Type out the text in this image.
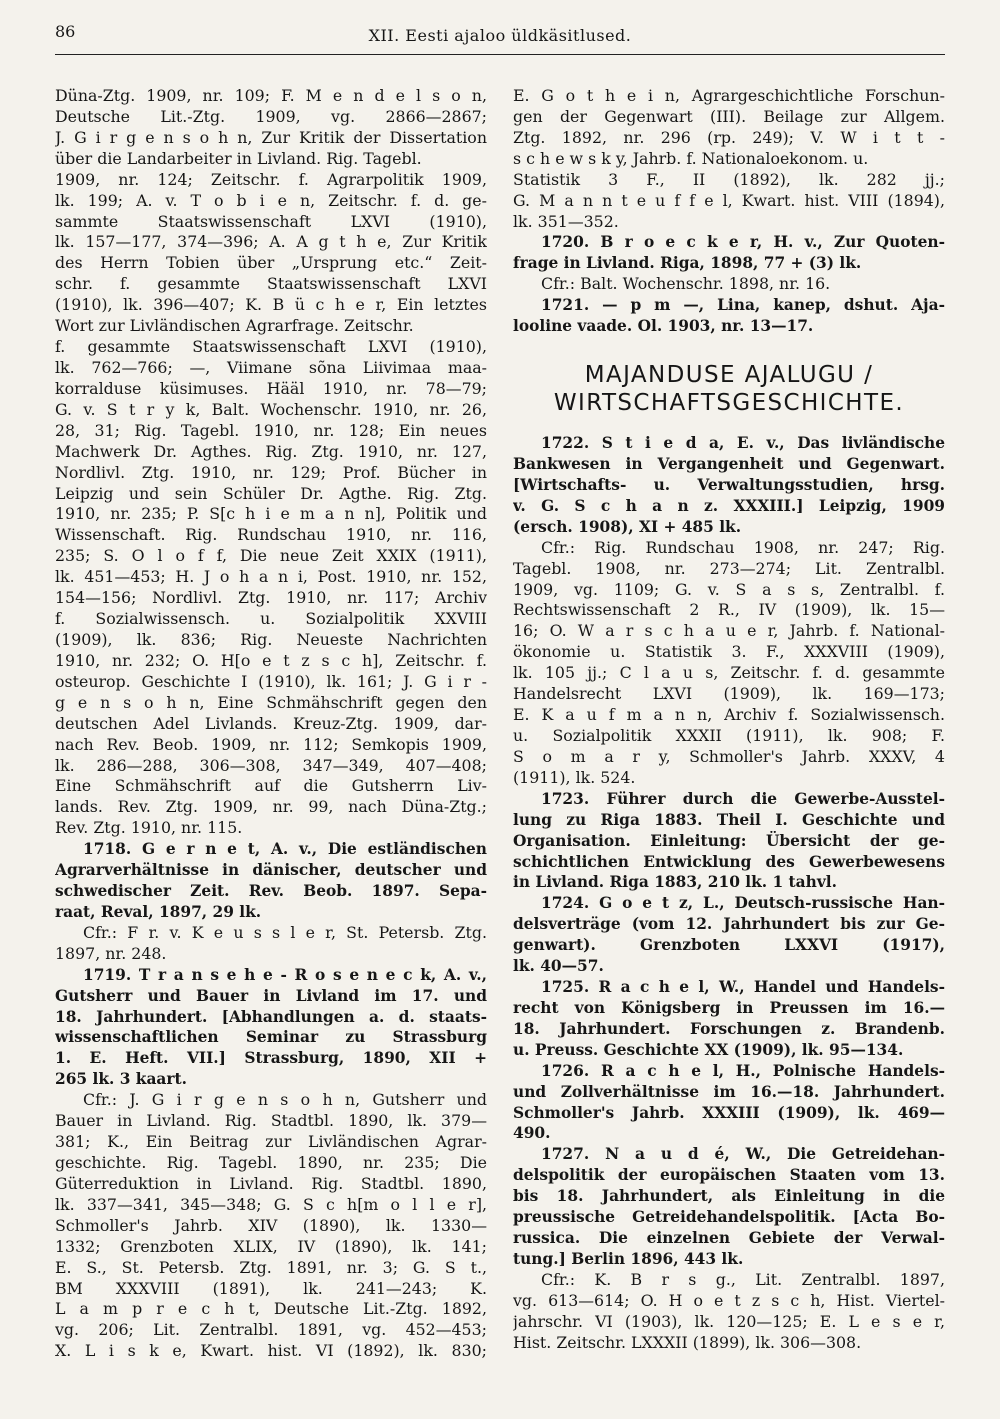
86	XII. Eesti ajaloo üldkäsitlused.
Düna-Ztg. 1909, nr. 109; F. M e n d e l s o n,
Deutsche Lit.-Ztg. 1909, vg. 2866—2867;
J. G i r g e n s o h n, Zur Kritik der Dissertation
über die Landarbeiter in Livland. Rig. Tagebl.
1909, nr. 124; Zeitschr. f. Agrarpolitik 1909,
lk. 199; A. v. T o b i e n, Zeitschr. f. d. ge-
sammte Staatswissenschaft LXVI (1910),
lk. 157—177, 374—396; A. A g t h e, Zur Kritik
des Herrn Tobien über „Ursprung etc.“ Zeit-
schr. f. gesammte Staatswissenschaft LXVI
(1910), lk. 396—407; K. B ü c h e r, Ein letztes
Wort zur Livländischen Agrarfrage. Zeitschr.
f. gesammte Staatswissenschaft LXVI (1910),
lk. 762—766; —, Viimane sõna Liivimaa maa-
korralduse küsimuses. Hääl 1910, nr. 78—79;
G. v. S t r y k, Balt. Wochenschr. 1910, nr. 26,
28, 31; Rig. Tagebl. 1910, nr. 128; Ein neues
Machwerk Dr. Agthes. Rig. Ztg. 1910, nr. 127,
Nordlivl. Ztg. 1910, nr. 129; Prof. Bücher in
Leipzig und sein Schüler Dr. Agthe. Rig. Ztg.
1910, nr. 235; P. S[c h i e m a n n], Politik und
Wissenschaft. Rig. Rundschau 1910, nr. 116,
235; S. O l o f f, Die neue Zeit XXIX (1911),
lk. 451—453; H. J o h a n i, Post. 1910, nr. 152,
154—156; Nordlivl. Ztg. 1910, nr. 117; Archiv
f. Sozialwissensch. u. Sozialpolitik XXVIII
(1909), lk. 836; Rig. Neueste Nachrichten
1910, nr. 232; O. H[o e t z s c h], Zeitschr. f.
osteurop. Geschichte I (1910), lk. 161; J. G i r -
g e n s o h n, Eine Schmähschrift gegen den
deutschen Adel Livlands. Kreuz-Ztg. 1909, dar-
nach Rev. Beob. 1909, nr. 112; Semkopis 1909,
lk. 286—288, 306—308, 347—349, 407—408;
Eine Schmähschrift auf die Gutsherrn Liv-
lands. Rev. Ztg. 1909, nr. 99, nach Düna-Ztg.;
Rev. Ztg. 1910, nr. 115.
1718. G e r n e t, A. v., Die estländischen
Agrarverhältnisse in dänischer, deutscher und
schwedischer Zeit. Rev. Beob. 1897. Sepa-
raat, Reval, 1897, 29 lk.
Cfr.: F r. v. K e u s s l e r, St. Petersb. Ztg.
1897, nr. 248.
1719. T r a n s e h e - R o s e n e c k, A. v.,
Gutsherr und Bauer in Livland im 17. und
18. Jahrhundert. [Abhandlungen a. d. staats-
wissenschaftlichen Seminar zu Strassburg
1. E. Heft. VII.] Strassburg, 1890, XII +
265 lk. 3 kaart.
Cfr.: J. G i r g e n s o h n, Gutsherr und
Bauer in Livland. Rig. Stadtbl. 1890, lk. 379—
381; K., Ein Beitrag zur Livländischen Agrar-
geschichte. Rig. Tagebl. 1890, nr. 235; Die
Güterreduktion in Livland. Rig. Stadtbl. 1890,
lk. 337—341, 345—348; G. S c h[m o l l e r],
Schmoller's Jahrb. XIV (1890), lk. 1330—
1332; Grenzboten XLIX, IV (1890), lk. 141;
E. S., St. Petersb. Ztg. 1891, nr. 3; G. S t.,
BM XXXVIII (1891), lk. 241—243; K.
L a m p r e c h t, Deutsche Lit.-Ztg. 1892,
vg. 206; Lit. Zentralbl. 1891, vg. 452—453;
X. L i s k e, Kwart. hist. VI (1892), lk. 830;
E. G o t h e i n, Agrargeschichtliche Forschun-
gen der Gegenwart (III). Beilage zur Allgem.
Ztg. 1892, nr. 296 (rp. 249); V. W i t t -
s c h e w s k y, Jahrb. f. Nationaloekonom. u.
Statistik 3 F., II (1892), lk. 282 jj.;
G. M a n n t e u f f e l, Kwart. hist. VIII (1894),
lk. 351—352.
1720. B r o e c k e r, H. v., Zur Quoten-
frage in Livland. Riga, 1898, 77 + (3) lk.
Cfr.: Balt. Wochenschr. 1898, nr. 16.
1721. — p m —, Lina, kanep, dshut. Aja-
looline vaade. Ol. 1903, nr. 13—17.
MAJANDUSE AJALUGU /
WIRTSCHAFTSGESCHICHTE.
1722. S t i e d a, E. v., Das livländische
Bankwesen in Vergangenheit und Gegenwart.
[Wirtschafts- u. Verwaltungsstudien, hrsg.
v. G. S c h a n z. XXXIII.] Leipzig, 1909
(ersch. 1908), XI + 485 lk.
Cfr.: Rig. Rundschau 1908, nr. 247; Rig.
Tagebl. 1908, nr. 273—274; Lit. Zentralbl.
1909, vg. 1109; G. v. S a s s, Zentralbl. f.
Rechtswissenschaft 2 R., IV (1909), lk. 15—
16; O. W a r s c h a u e r, Jahrb. f. National-
ökonomie u. Statistik 3. F., XXXVIII (1909),
lk. 105 jj.; C l a u s, Zeitschr. f. d. gesammte
Handelsrecht LXVI (1909), lk. 169—173;
E. K a u f m a n n, Archiv f. Sozialwissensch.
u. Sozialpolitik XXXII (1911), lk. 908; F.
S o m a r y, Schmoller's Jahrb. XXXV, 4
(1911), lk. 524.
1723. Führer durch die Gewerbe-Ausstel-
lung zu Riga 1883. Theil I. Geschichte und
Organisation. Einleitung: Übersicht der ge-
schichtlichen Entwicklung des Gewerbewesens
in Livland. Riga 1883, 210 lk. 1 tahvl.
1724. G o e t z, L., Deutsch-russische Han-
delsverträge (vom 12. Jahrhundert bis zur Ge-
genwart). Grenzboten LXXVI (1917),
lk. 40—57.
1725. R a c h e l, W., Handel und Handels-
recht von Königsberg in Preussen im 16.—
18. Jahrhundert. Forschungen z. Brandenb.
u. Preuss. Geschichte XX (1909), lk. 95—134.
1726. R a c h e l, H., Polnische Handels-
und Zollverhältnisse im 16.—18. Jahrhundert.
Schmoller's Jahrb. XXXIII (1909), lk. 469—
490.
1727. N a u d é, W., Die Getreidehan-
delspolitik der europäischen Staaten vom 13.
bis 18. Jahrhundert, als Einleitung in die
preussische Getreidehandelspolitik. [Acta Bo-
russica. Die einzelnen Gebiete der Verwal-
tung.] Berlin 1896, 443 lk.
Cfr.: K. B r s g., Lit. Zentralbl. 1897,
vg. 613—614; O. H o e t z s c h, Hist. Viertel-
jahrschr. VI (1903), lk. 120—125; E. L e s e r,
Hist. Zeitschr. LXXXII (1899), lk. 306—308.
